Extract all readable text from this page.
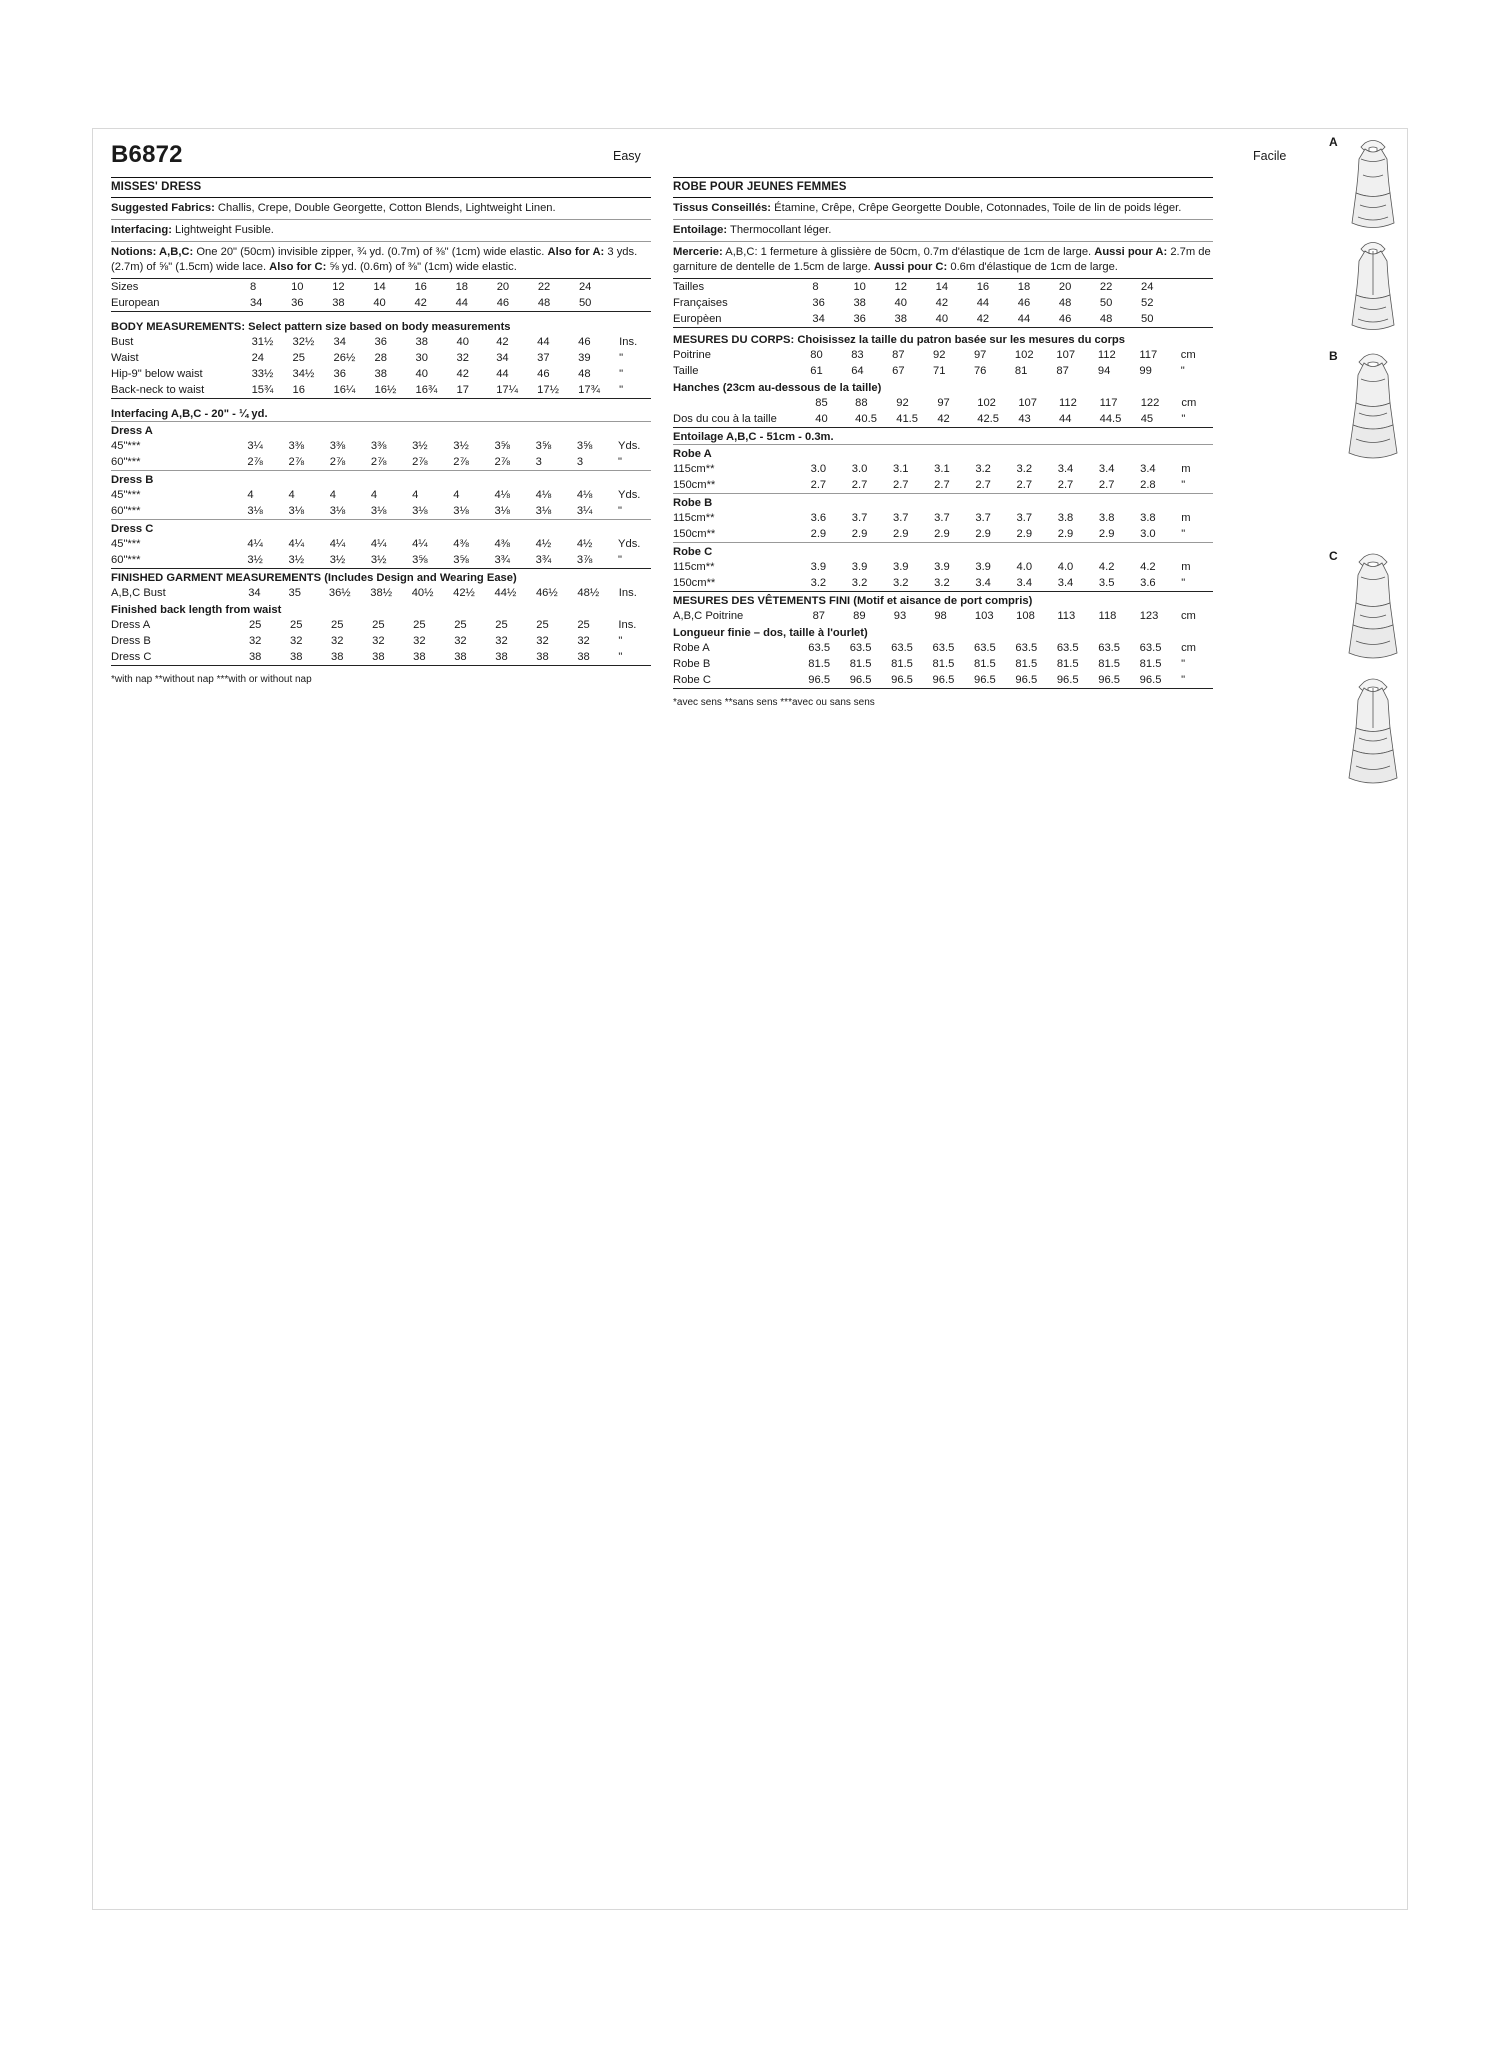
B6872	Easy	Facile
MISSES' DRESS
Suggested Fabrics: Challis, Crepe, Double Georgette, Cotton Blends, Lightweight Linen.
Interfacing: Lightweight Fusible.
Notions: A,B,C: One 20" (50cm) invisible zipper, ¾ yd. (0.7m) of ⅜" (1cm) wide elastic. Also for A: 3 yds.(2.7m) of ⅝" (1.5cm) wide lace. Also for C: ⅝ yd. (0.6m) of ⅜" (1cm) wide elastic.
Sizes	8	10	12	14	16	18	20	22	24	
European	34	36	38	40	42	44	46	48	50	
BODY MEASUREMENTS: Select pattern size based on body measurements
Bust	31½	32½	34	36	38	40	42	44	46	Ins.
Waist	24	25	26½	28	30	32	34	37	39	"
Hip-9" below waist	33½	34½	36	38	40	42	44	46	48	"
Back-neck to waist	15¾	16	16¼	16½	16¾	17	17¼	17½	17¾	"
Interfacing A,B,C - 20" - ¼ yd.
Dress A
45"***	3¼	3⅜	3⅜	3⅜	3½	3½	3⅝	3⅝	3⅝	Yds.
60"***	2⅞	2⅞	2⅞	2⅞	2⅞	2⅞	2⅞	3	3	"
Dress B
45"***	4	4	4	4	4	4	4⅛	4⅛	4⅛	Yds.
60"***	3⅛	3⅛	3⅛	3⅛	3⅛	3⅛	3⅛	3⅛	3¼	"
Dress C
45"***	4¼	4¼	4¼	4¼	4¼	4⅜	4⅜	4½	4½	Yds.
60"***	3½	3½	3½	3½	3⅝	3⅝	3¾	3¾	3⅞	"
FINISHED GARMENT MEASUREMENTS (Includes Design and Wearing Ease)
A,B,C Bust	34	35	36½	38½	40½	42½	44½	46½	48½	Ins.
Finished back length from waist
Dress A	25	25	25	25	25	25	25	25	25	Ins.
Dress B	32	32	32	32	32	32	32	32	32	"
Dress C	38	38	38	38	38	38	38	38	38	"
*with nap **without nap ***with or without nap
ROBE POUR JEUNES FEMMES
Tissus Conseillés: Étamine, Crêpe, Crêpe Georgette Double, Cotonnades, Toile de lin de poids léger.
Entoilage: Thermocollant léger.
Mercerie: A,B,C: 1 fermeture à glissière de 50cm, 0.7m d'élastique de 1cm de large. Aussi pour A: 2.7m de garniture de dentelle de 1.5cm de large. Aussi pour C: 0.6m d'élastique de 1cm de large.
Tailles	8	10	12	14	16	18	20	22	24	
Françaises	36	38	40	42	44	46	48	50	52	
Europèen	34	36	38	40	42	44	46	48	50	
MESURES DU CORPS: Choisissez la taille du patron basée sur les mesures du corps
Poitrine	80	83	87	92	97	102	107	112	117	cm
Taille	61	64	67	71	76	81	87	94	99	"
Hanches (23cm au-dessous de la taille)
	85	88	92	97	102	107	112	117	122	cm
Dos du cou à la taille	40	40.5	41.5	42	42.5	43	44	44.5	45	"
Entoilage A,B,C - 51cm - 0.3m.
Robe A
115cm**	3.0	3.0	3.1	3.1	3.2	3.2	3.4	3.4	3.4	m
150cm**	2.7	2.7	2.7	2.7	2.7	2.7	2.7	2.7	2.8	"
Robe B
115cm**	3.6	3.7	3.7	3.7	3.7	3.7	3.8	3.8	3.8	m
150cm**	2.9	2.9	2.9	2.9	2.9	2.9	2.9	2.9	3.0	"
Robe C
115cm**	3.9	3.9	3.9	3.9	3.9	4.0	4.0	4.2	4.2	m
150cm**	3.2	3.2	3.2	3.2	3.4	3.4	3.4	3.5	3.6	"
MESURES DES VÊTEMENTS FINI (Motif et aisance de port compris)
A,B,C Poitrine	87	89	93	98	103	108	113	118	123	cm
Longueur finie – dos, taille à l'ourlet)
Robe A	63.5	63.5	63.5	63.5	63.5	63.5	63.5	63.5	63.5	cm
Robe B	81.5	81.5	81.5	81.5	81.5	81.5	81.5	81.5	81.5	"
Robe C	96.5	96.5	96.5	96.5	96.5	96.5	96.5	96.5	96.5	"
*avec sens **sans sens ***avec ou sans sens
A
B
C
